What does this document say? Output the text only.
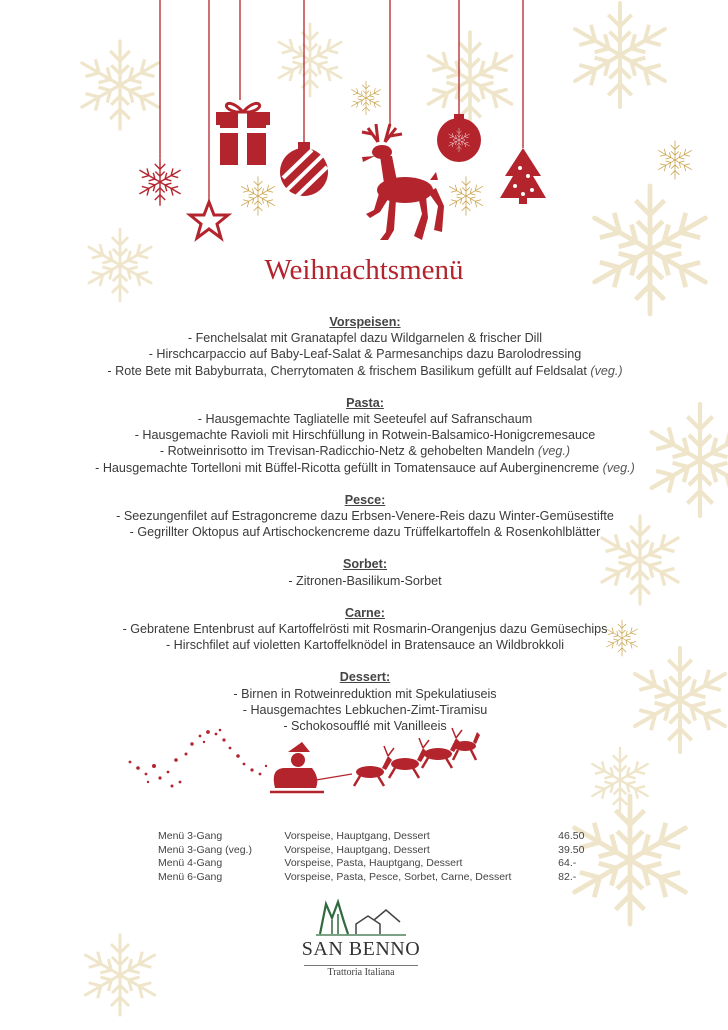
Weihnachtsmenü
Vorspeisen:
- Fenchelsalat mit Granatapfel dazu Wildgarnelen & frischer Dill
- Hirschcarpaccio auf Baby-Leaf-Salat & Parmesanchips dazu Barolodressing
- Rote Bete mit Babyburrata, Cherrytomaten & frischem Basilikum gefüllt auf Feldsalat (veg.)
Pasta:
- Hausgemachte Tagliatelle mit Seeteufel auf Safranschaum
- Hausgemachte Ravioli mit Hirschfüllung in Rotwein-Balsamico-Honigcremesauce
- Rotweinrisotto im Trevisan-Radicchio-Netz & gehobelten Mandeln (veg.)
- Hausgemachte Tortelloni mit Büffel-Ricotta gefüllt in Tomatensauce auf Auberginencreme (veg.)
Pesce:
- Seezungenfilet auf Estragoncreme dazu Erbsen-Venere-Reis dazu Winter-Gemüsestifte
- Gegrillter Oktopus auf Artischockencreme dazu Trüffelkartoffeln & Rosenkohlblätter
Sorbet:
- Zitronen-Basilikum-Sorbet
Carne:
- Gebratene Entenbrust auf Kartoffelrösti mit Rosmarin-Orangenjus dazu Gemüsechips
- Hirschfilet auf violetten Kartoffelknödel in Bratensauce an Wildbrokkoli
Dessert:
- Birnen in Rotweinreduktion mit Spekulatiuseis
- Hausgemachtes Lebkuchen-Zimt-Tiramisu
- Schokosoufflé mit Vanilleeis
Menü 3-Gang	Vorspeise, Hauptgang, Dessert	46.50
Menü 3-Gang (veg.)	Vorspeise, Hauptgang, Dessert	39.50
Menü 4-Gang	Vorspeise, Pasta, Hauptgang, Dessert	64.-
Menü 6-Gang	Vorspeise, Pasta, Pesce, Sorbet, Carne, Dessert	82.-
SAN BENNO
Trattoria Italiana
